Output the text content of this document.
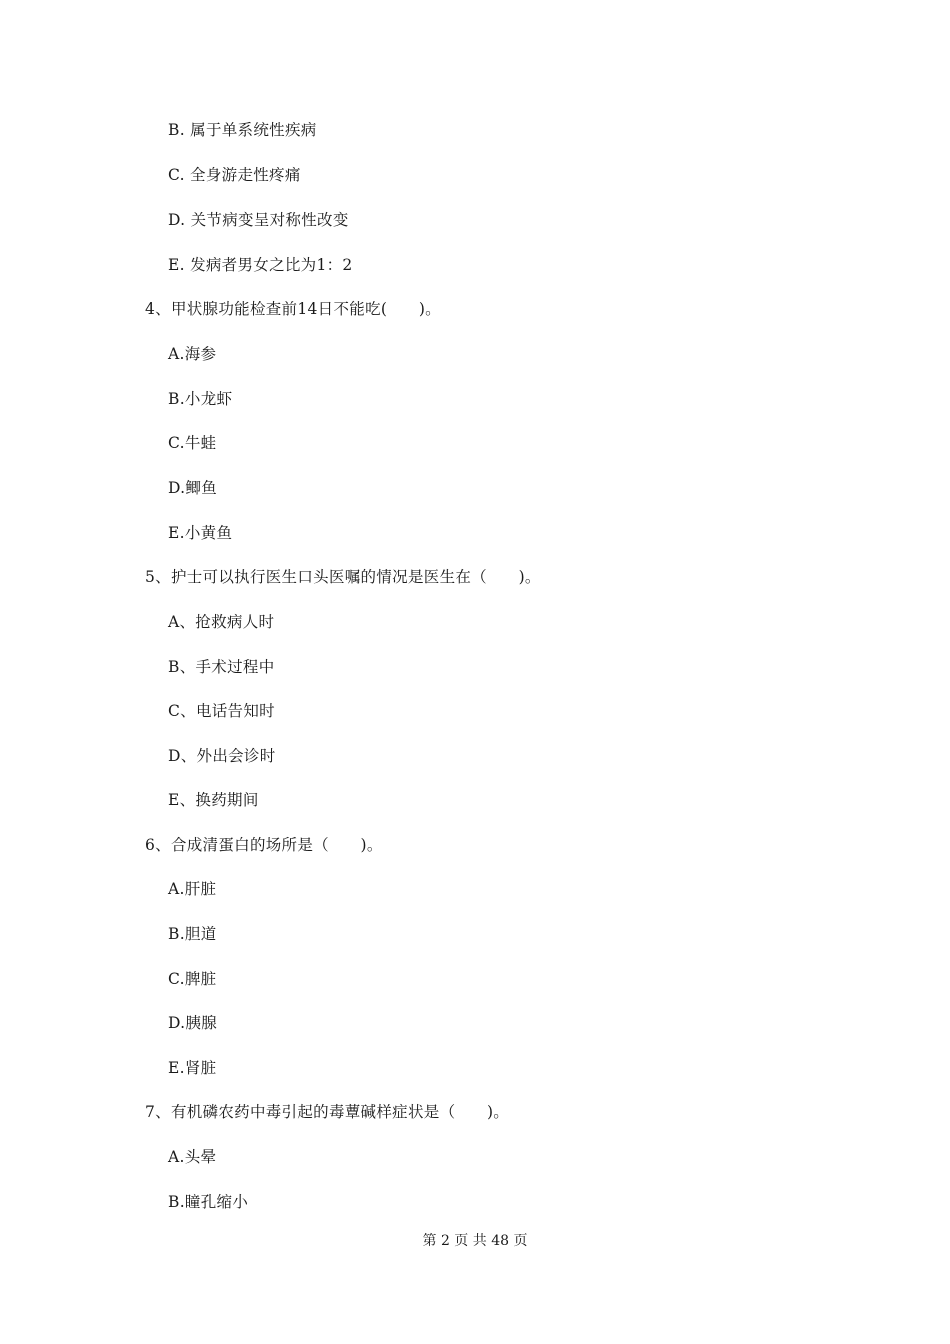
B. 属于单系统性疾病
C. 全身游走性疼痛
D. 关节病变呈对称性改变
E. 发病者男女之比为1：2
4、甲状腺功能检查前14日不能吃(　　)。
A.海参
B.小龙虾
C.牛蛙
D.鲫鱼
E.小黄鱼
5、护士可以执行医生口头医嘱的情况是医生在（　　)。
A、抢救病人时
B、手术过程中
C、电话告知时
D、外出会诊时
E、换药期间
6、合成清蛋白的场所是（　　)。
A.肝脏
B.胆道
C.脾脏
D.胰腺
E.肾脏
7、有机磷农药中毒引起的毒蕈碱样症状是（　　)。
A.头晕
B.瞳孔缩小
第 2 页 共 48 页
